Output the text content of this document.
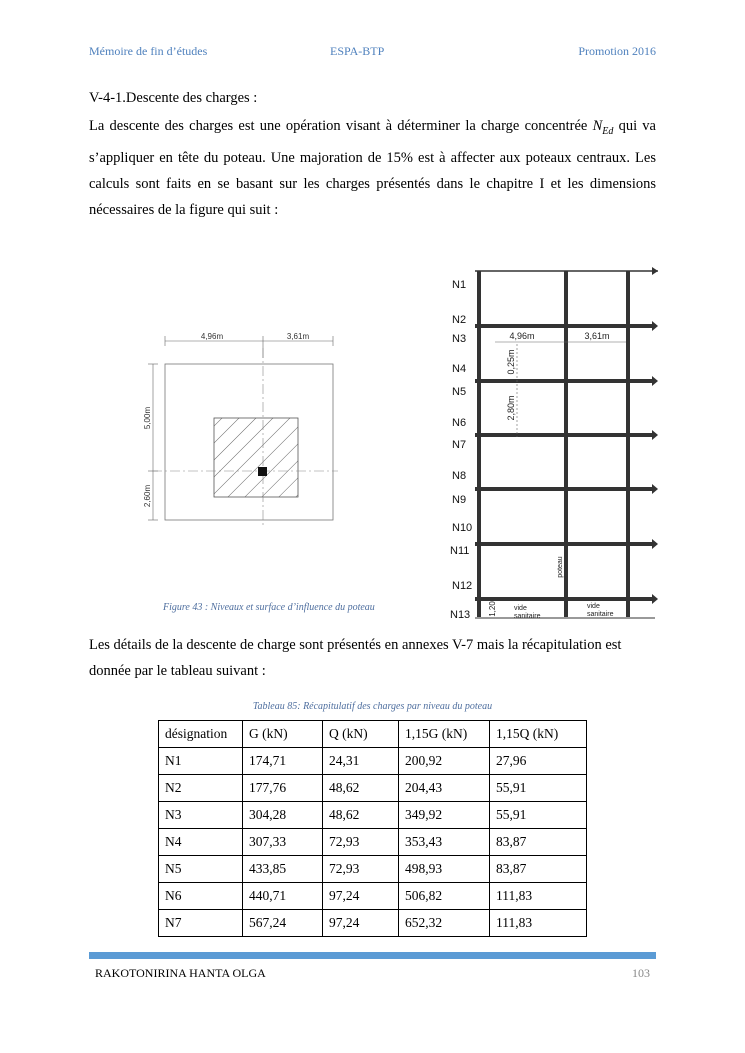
Mémoire de fin d’études	ESPA-BTP	Promotion 2016
V-4-1.Descente des charges :
La descente des charges est une opération visant à déterminer la charge concentrée $N_{Ed}$ qui va s’appliquer en tête du poteau. Une majoration de 15% est à affecter aux poteaux centraux. Les calculs sont faits en se basant sur les charges présentés dans le chapitre I et les dimensions nécessaires de la figure qui suit :
4,96m	3,61m
5,00m
2,60m
N1
N2
N3
N4
N5
N6
N7
N8
N9
N10
N11
N12
N13
4,96m	3,61m
0,25m
2,80m
1,20
poteau
vide sanitaire
vide sanitaire
Figure 43 : Niveaux et surface d’influence du poteau
Les détails de la descente de charge sont présentés en annexes V-7 mais la récapitulation est donnée par le tableau suivant :
Tableau 85: Récapitulatif des charges par niveau du poteau
désignation	G (kN)	Q (kN)	1,15G (kN)	1,15Q (kN)
N1	174,71	24,31	200,92	27,96
N2	177,76	48,62	204,43	55,91
N3	304,28	48,62	349,92	55,91
N4	307,33	72,93	353,43	83,87
N5	433,85	72,93	498,93	83,87
N6	440,71	97,24	506,82	111,83
N7	567,24	97,24	652,32	111,83
RAKOTONIRINA HANTA OLGA	103
